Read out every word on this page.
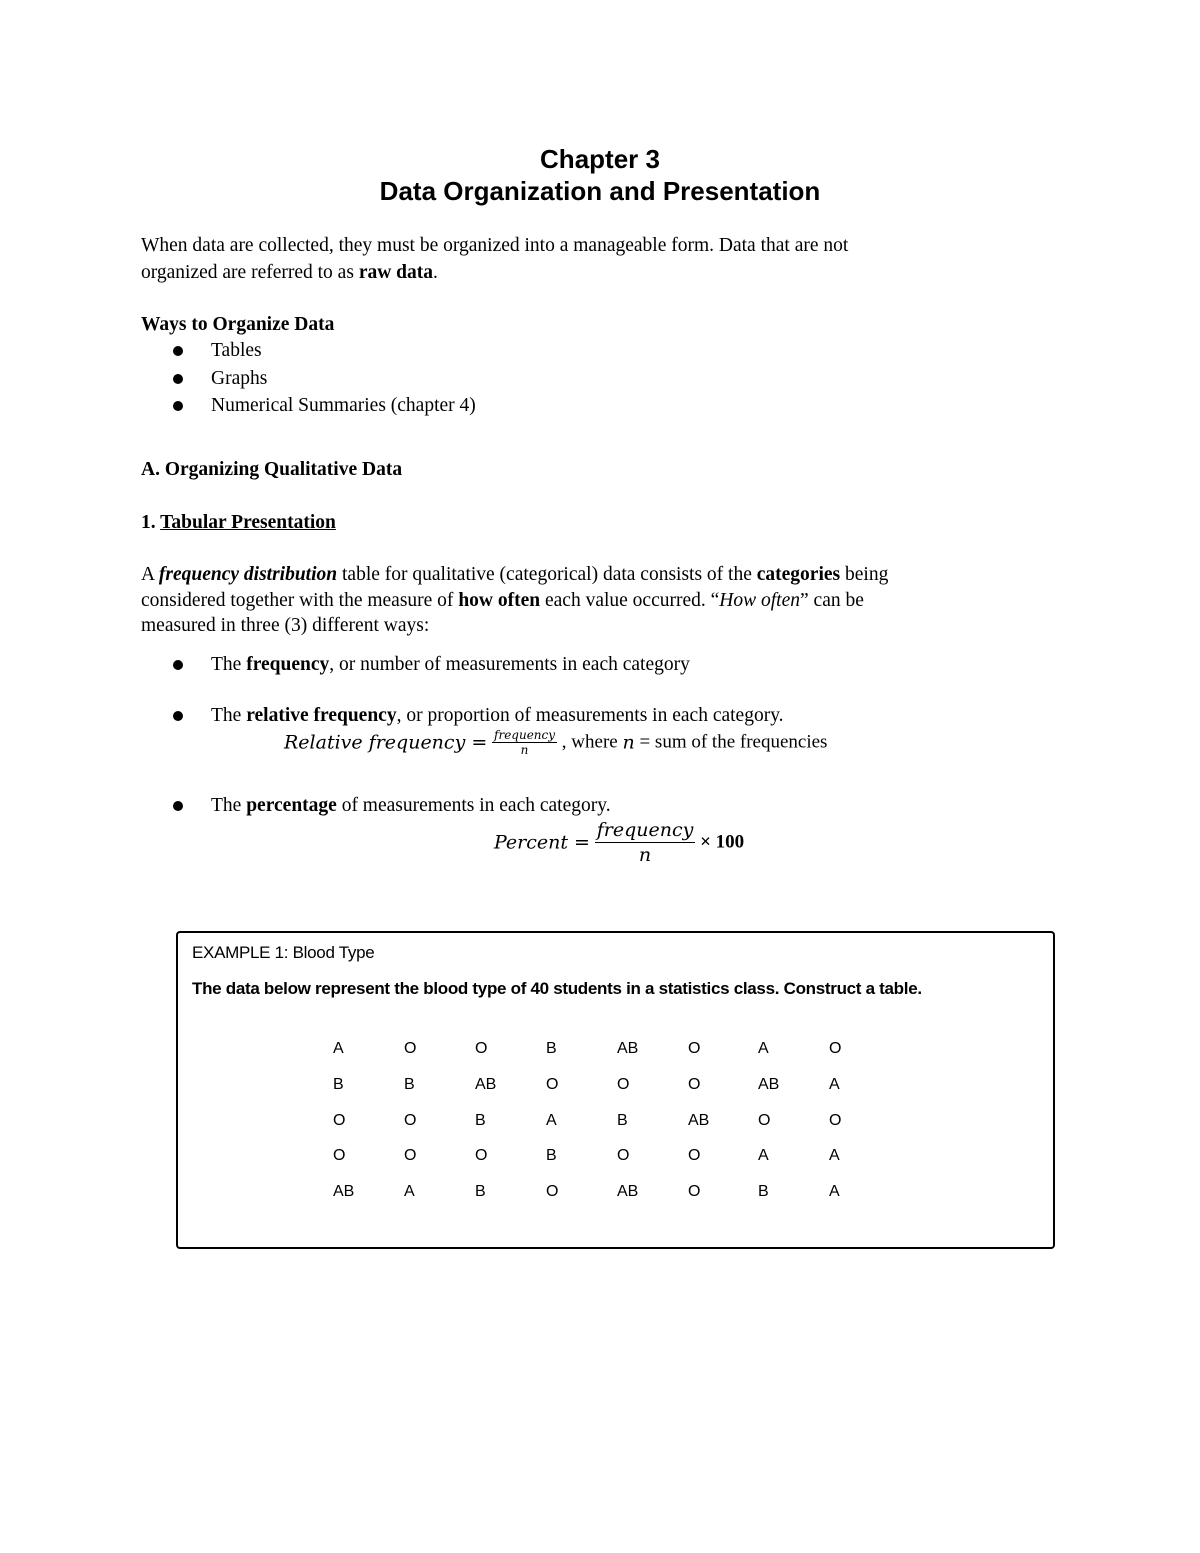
Chapter 3
Data Organization and Presentation
When data are collected, they must be organized into a manageable form. Data that are not
organized are referred to as raw data.
Ways to Organize Data
Tables
Graphs
Numerical Summaries (chapter 4)
A. Organizing Qualitative Data
1. Tabular Presentation
A frequency distribution table for qualitative (categorical) data consists of the categories being
considered together with the measure of how often each value occurred. “How often” can be
measured in three (3) different ways:
The frequency, or number of measurements in each category
The relative frequency, or proportion of measurements in each category.
Relative frequency = $\frac{\text{frequency}}{n}$ , where n = sum of the frequencies
The percentage of measurements in each category.
Percent = $\frac{\text{frequency}}{n} \times 100$
EXAMPLE 1: Blood Type
The data below represent the blood type of 40 students in a statistics class. Construct a table.
A	O	O	B	AB	O	A	O
B	B	AB	O	O	O	AB	A
O	O	B	A	B	AB	O	O
O	O	O	B	O	O	A	A
AB	A	B	O	AB	O	B	A
